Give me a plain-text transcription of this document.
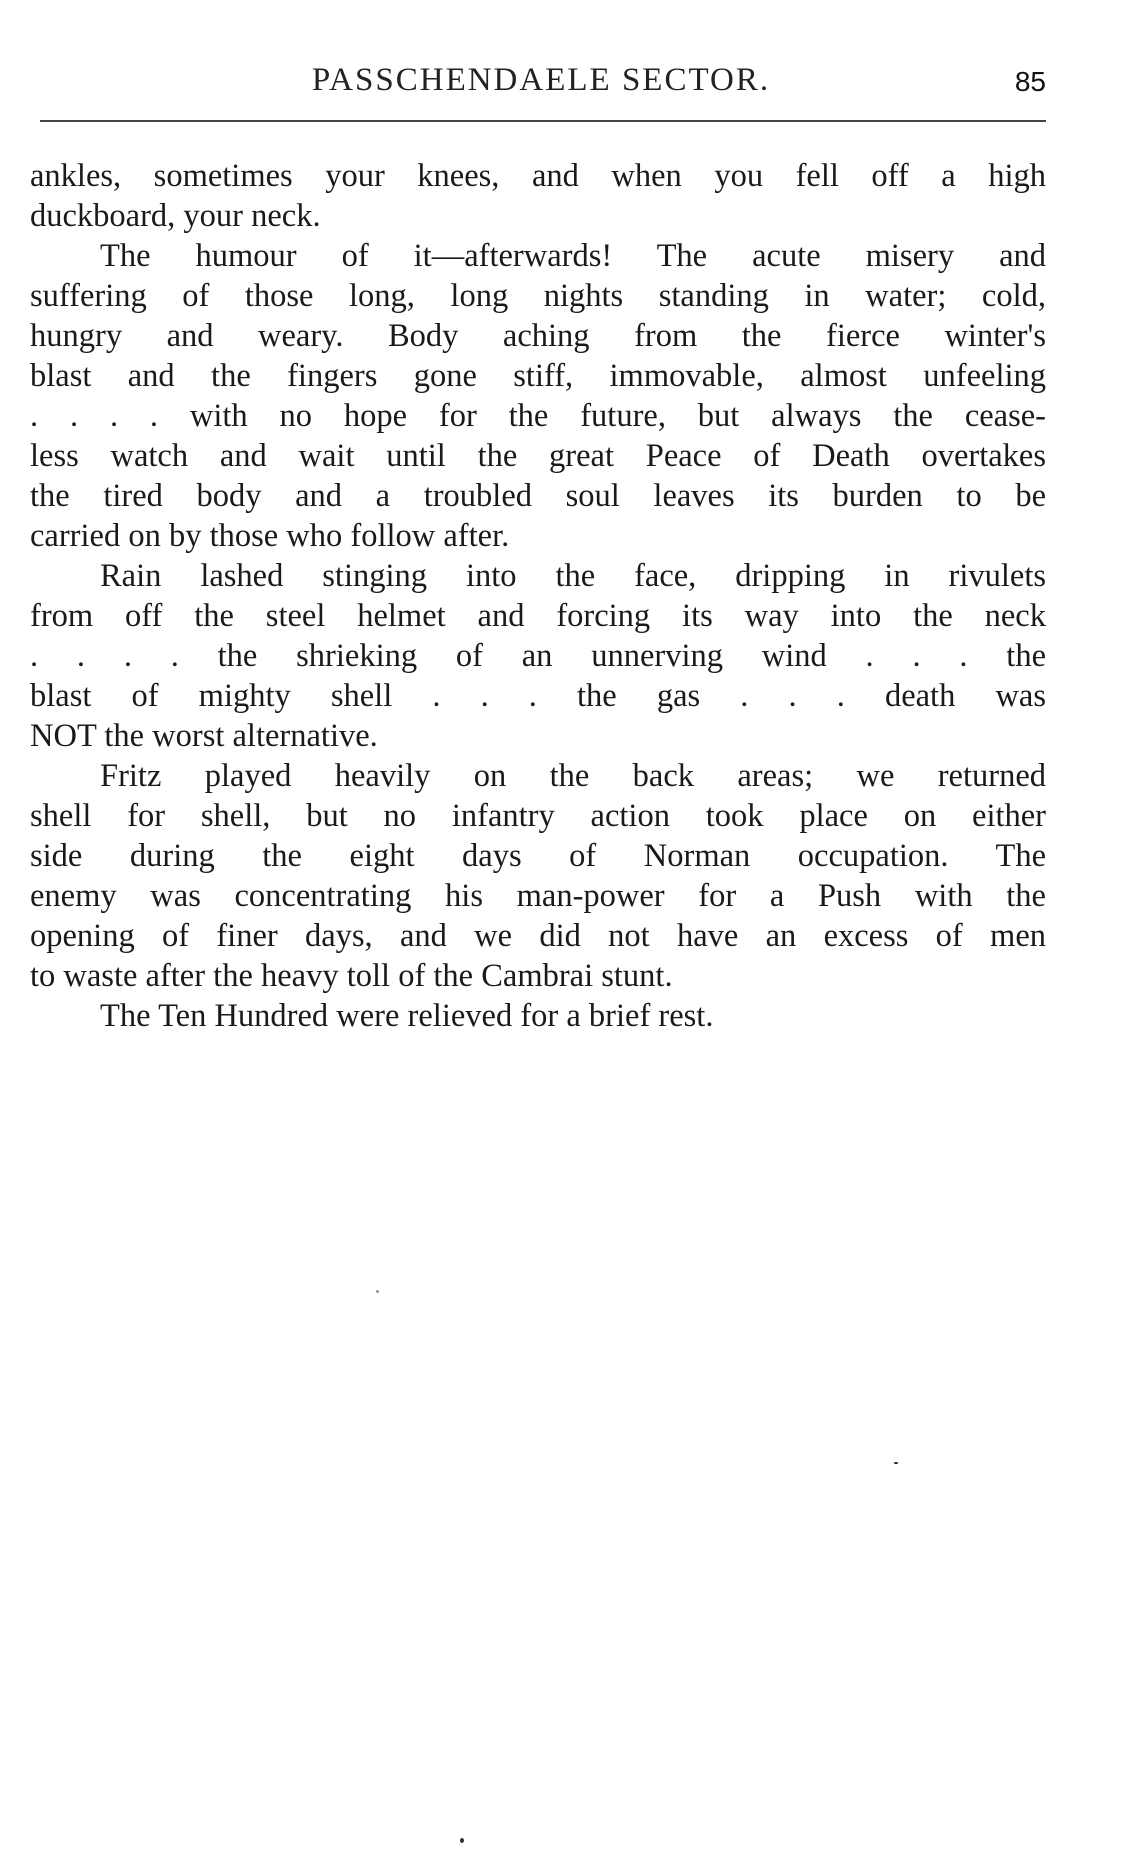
PASSCHENDAELE SECTOR.	85
ankles, sometimes your knees, and when you fell off a high
duckboard, your neck.
The humour of it—afterwards! The acute misery and
suffering of those long, long nights standing in water; cold,
hungry and weary. Body aching from the fierce winter's
blast and the fingers gone stiff, immovable, almost unfeeling
. . . . with no hope for the future, but always the cease-
less watch and wait until the great Peace of Death overtakes
the tired body and a troubled soul leaves its burden to be
carried on by those who follow after.
Rain lashed stinging into the face, dripping in rivulets
from off the steel helmet and forcing its way into the neck
. . . . the shrieking of an unnerving wind . . . the
blast of mighty shell . . . the gas . . . death was
NOT the worst alternative.
Fritz played heavily on the back areas; we returned
shell for shell, but no infantry action took place on either
side during the eight days of Norman occupation. The
enemy was concentrating his man-power for a Push with the
opening of finer days, and we did not have an excess of men
to waste after the heavy toll of the Cambrai stunt.
The Ten Hundred were relieved for a brief rest.
